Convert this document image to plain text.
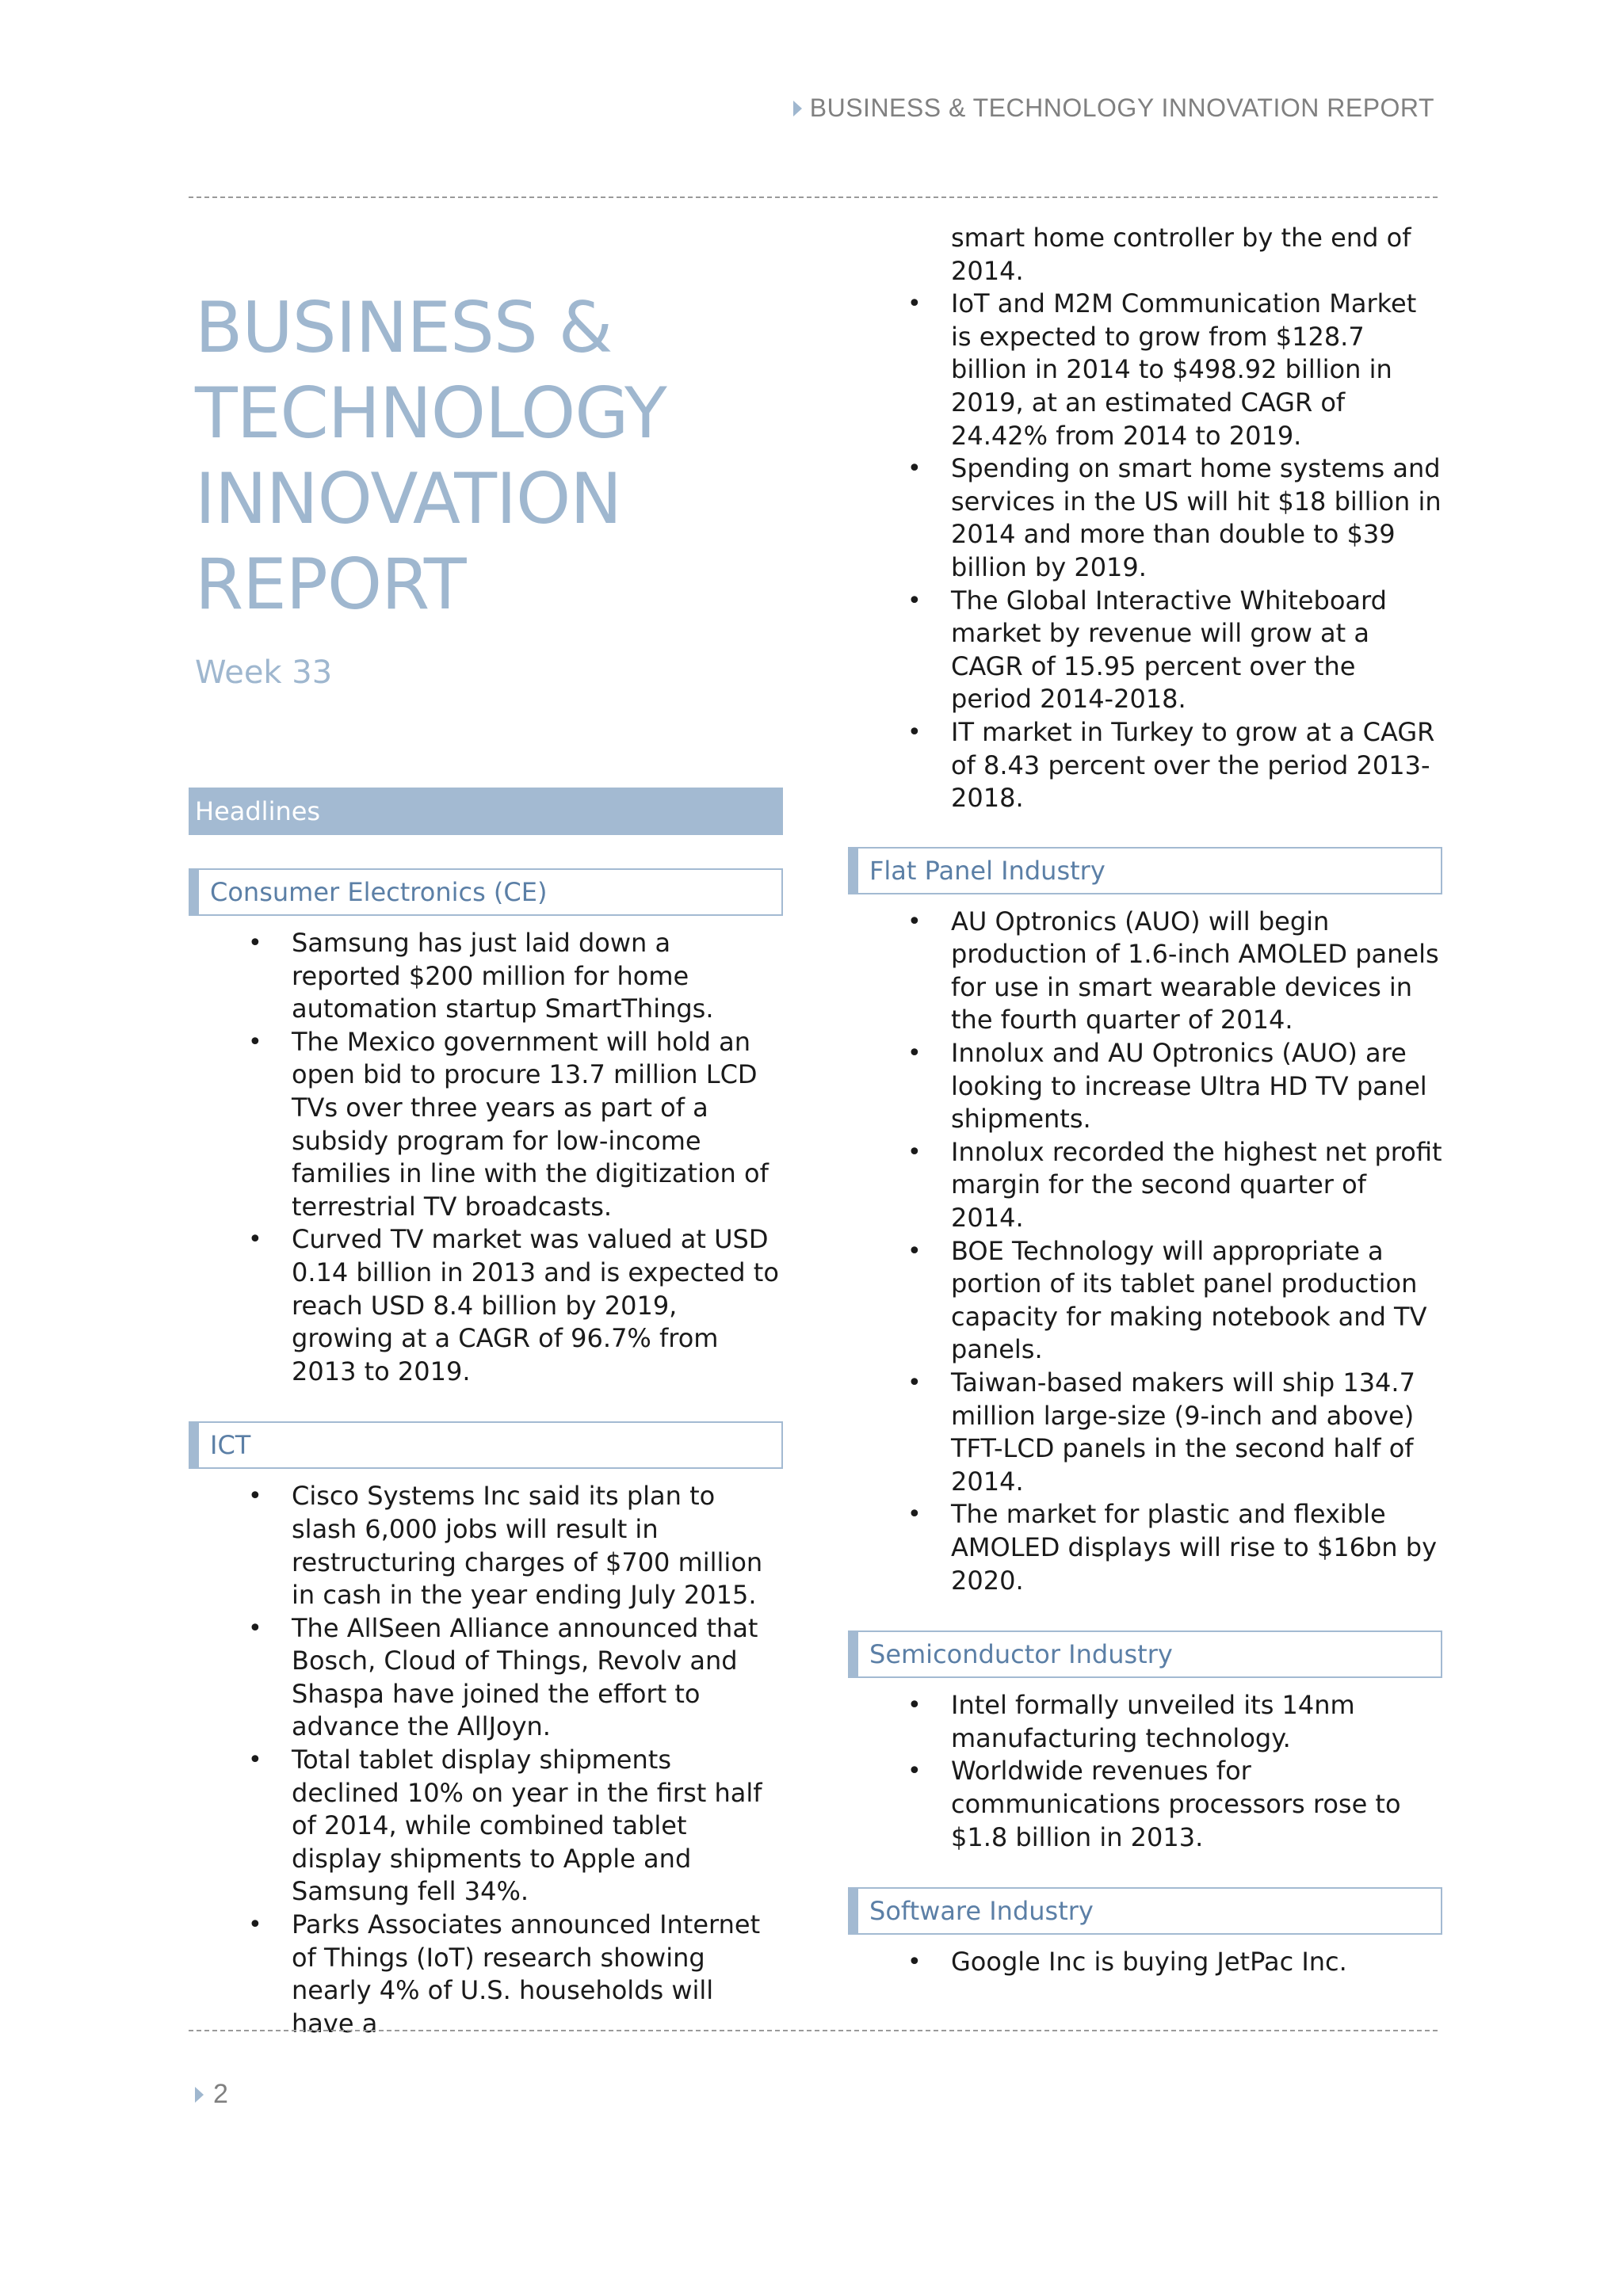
BUSINESS & TECHNOLOGY INNOVATION REPORT
BUSINESS &
TECHNOLOGY
INNOVATION
REPORT
Week 33
Headlines
Consumer Electronics (CE)
• Samsung has just laid down a reported $200 million for home automation startup SmartThings.
• The Mexico government will hold an open bid to procure 13.7 million LCD TVs over three years as part of a subsidy program for low-income families in line with the digitization of terrestrial TV broadcasts.
• Curved TV market was valued at USD 0.14 billion in 2013 and is expected to reach USD 8.4 billion by 2019, growing at a CAGR of 96.7% from 2013 to 2019.
ICT
• Cisco Systems Inc said its plan to slash 6,000 jobs will result in restructuring charges of $700 million in cash in the year ending July 2015.
• The AllSeen Alliance announced that Bosch, Cloud of Things, Revolv and Shaspa have joined the effort to advance the AllJoyn.
• Total tablet display shipments declined 10% on year in the first half of 2014, while combined tablet display shipments to Apple and Samsung fell 34%.
• Parks Associates announced Internet of Things (IoT) research showing nearly 4% of U.S. households will have a
smart home controller by the end of 2014.
• IoT and M2M Communication Market is expected to grow from $128.7 billion in 2014 to $498.92 billion in 2019, at an estimated CAGR of 24.42% from 2014 to 2019.
• Spending on smart home systems and services in the US will hit $18 billion in 2014 and more than double to $39 billion by 2019.
• The Global Interactive Whiteboard market by revenue will grow at a CAGR of 15.95 percent over the period 2014-2018.
• IT market in Turkey to grow at a CAGR of 8.43 percent over the period 2013-2018.
Flat Panel Industry
• AU Optronics (AUO) will begin production of 1.6-inch AMOLED panels for use in smart wearable devices in the fourth quarter of 2014.
• Innolux and AU Optronics (AUO) are looking to increase Ultra HD TV panel shipments.
• Innolux recorded the highest net profit margin for the second quarter of 2014.
• BOE Technology will appropriate a portion of its tablet panel production capacity for making notebook and TV panels.
• Taiwan-based makers will ship 134.7 million large-size (9-inch and above) TFT-LCD panels in the second half of 2014.
• The market for plastic and flexible AMOLED displays will rise to $16bn by 2020.
Semiconductor Industry
• Intel formally unveiled its 14nm manufacturing technology.
• Worldwide revenues for communications processors rose to $1.8 billion in 2013.
Software Industry
• Google Inc is buying JetPac Inc.
2
